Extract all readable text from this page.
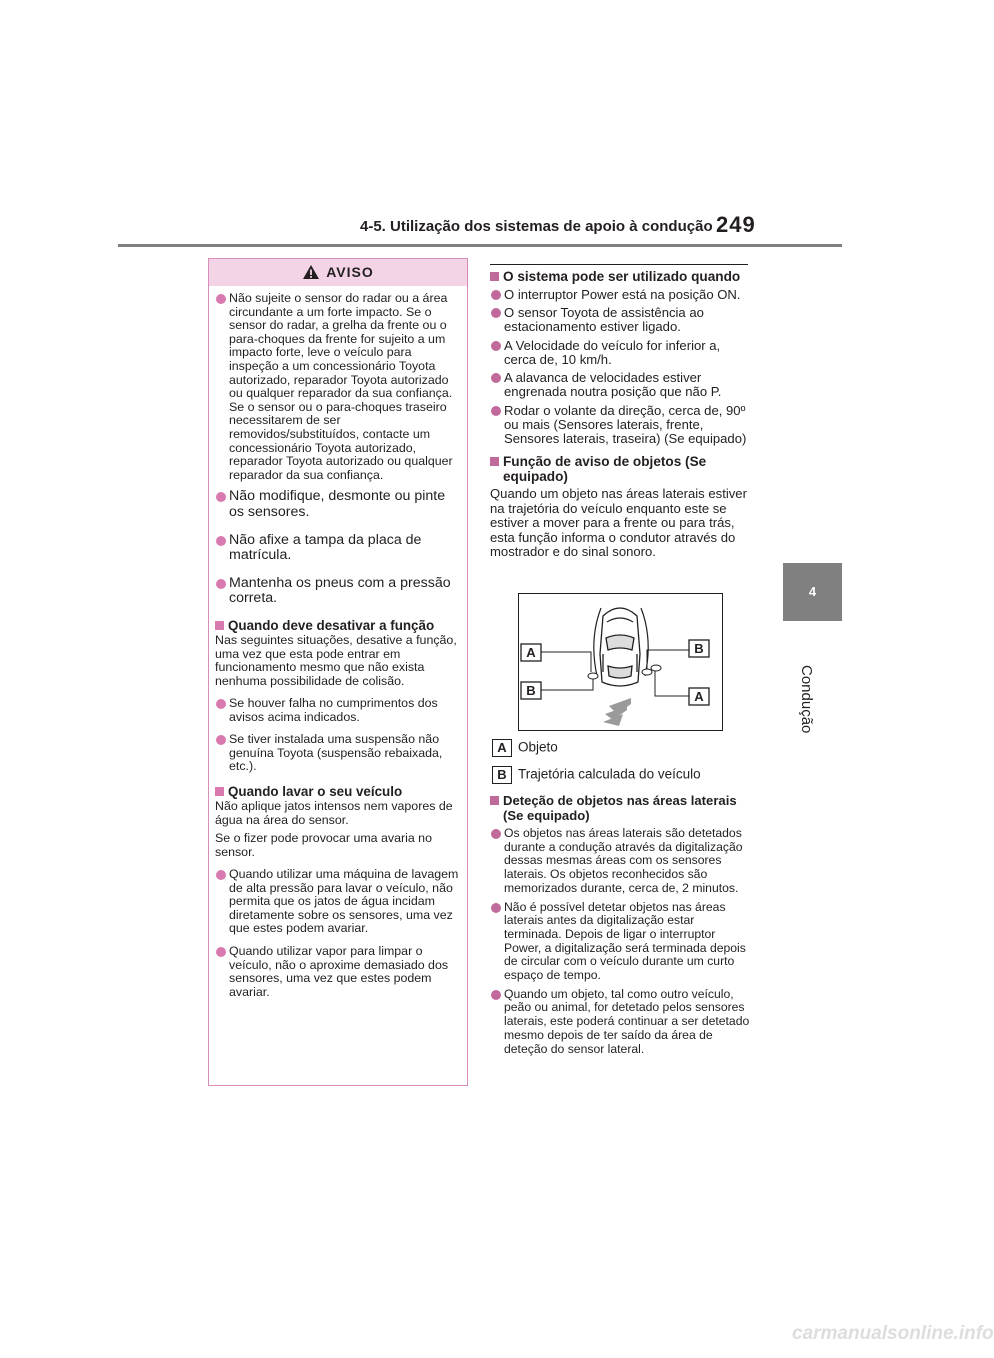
4-5. Utilização dos sistemas de apoio à condução 249
4
Condução
AVISO
Não sujeite o sensor do radar ou a área circundante a um forte impacto. Se o sensor do radar, a grelha da frente ou o para-choques da frente for sujeito a um impacto forte, leve o veículo para inspeção a um concessionário Toyota autorizado, reparador Toyota autorizado ou qualquer reparador da sua confiança. Se o sensor ou o para-choques traseiro necessitarem de ser removidos/substituídos, contacte um concessionário Toyota autorizado, reparador Toyota autorizado ou qualquer reparador da sua confiança.
Não modifique, desmonte ou pinte os sensores.
Não afixe a tampa da placa de matrícula.
Mantenha os pneus com a pressão correta.
Quando deve desativar a função
Nas seguintes situações, desative a função, uma vez que esta pode entrar em funcionamento mesmo que não exista nenhuma possibilidade de colisão.
Se houver falha no cumprimentos dos avisos acima indicados.
Se tiver instalada uma suspensão não genuína Toyota (suspensão rebaixada, etc.).
Quando lavar o seu veículo
Não aplique jatos intensos nem vapores de água na área do sensor.
Se o fizer pode provocar uma avaria no sensor.
Quando utilizar uma máquina de lavagem de alta pressão para lavar o veículo, não permita que os jatos de água incidam diretamente sobre os sensores, uma vez que estes podem avariar.
Quando utilizar vapor para limpar o veículo, não o aproxime demasiado dos sensores, uma vez que estes podem avariar.
O sistema pode ser utilizado quando
O interruptor Power está na posição ON.
O sensor Toyota de assistência ao estacionamento estiver ligado.
A Velocidade do veículo for inferior a, cerca de, 10 km/h.
A alavanca de velocidades estiver engrenada noutra posição que não P.
Rodar o volante da direção, cerca de, 90º ou mais (Sensores laterais, frente, Sensores laterais, traseira) (Se equipado)
Função de aviso de objetos (Se equipado)
Quando um objeto nas áreas laterais estiver na trajetória do veículo enquanto este se estiver a mover para a frente ou para trás, esta função informa o condutor através do mostrador e do sinal sonoro.
A
B
B
A
A Objeto
B Trajetória calculada do veículo
Deteção de objetos nas áreas laterais (Se equipado)
Os objetos nas áreas laterais são detetados durante a condução através da digitalização dessas mesmas áreas com os sensores laterais. Os objetos reconhecidos são memorizados durante, cerca de, 2 minutos.
Não é possível detetar objetos nas áreas laterais antes da digitalização estar terminada. Depois de ligar o interruptor Power, a digitalização será terminada depois de circular com o veículo durante um curto espaço de tempo.
Quando um objeto, tal como outro veículo, peão ou animal, for detetado pelos sensores laterais, este poderá continuar a ser detetado mesmo depois de ter saído da área de deteção do sensor lateral.
carmanualsonline.info
